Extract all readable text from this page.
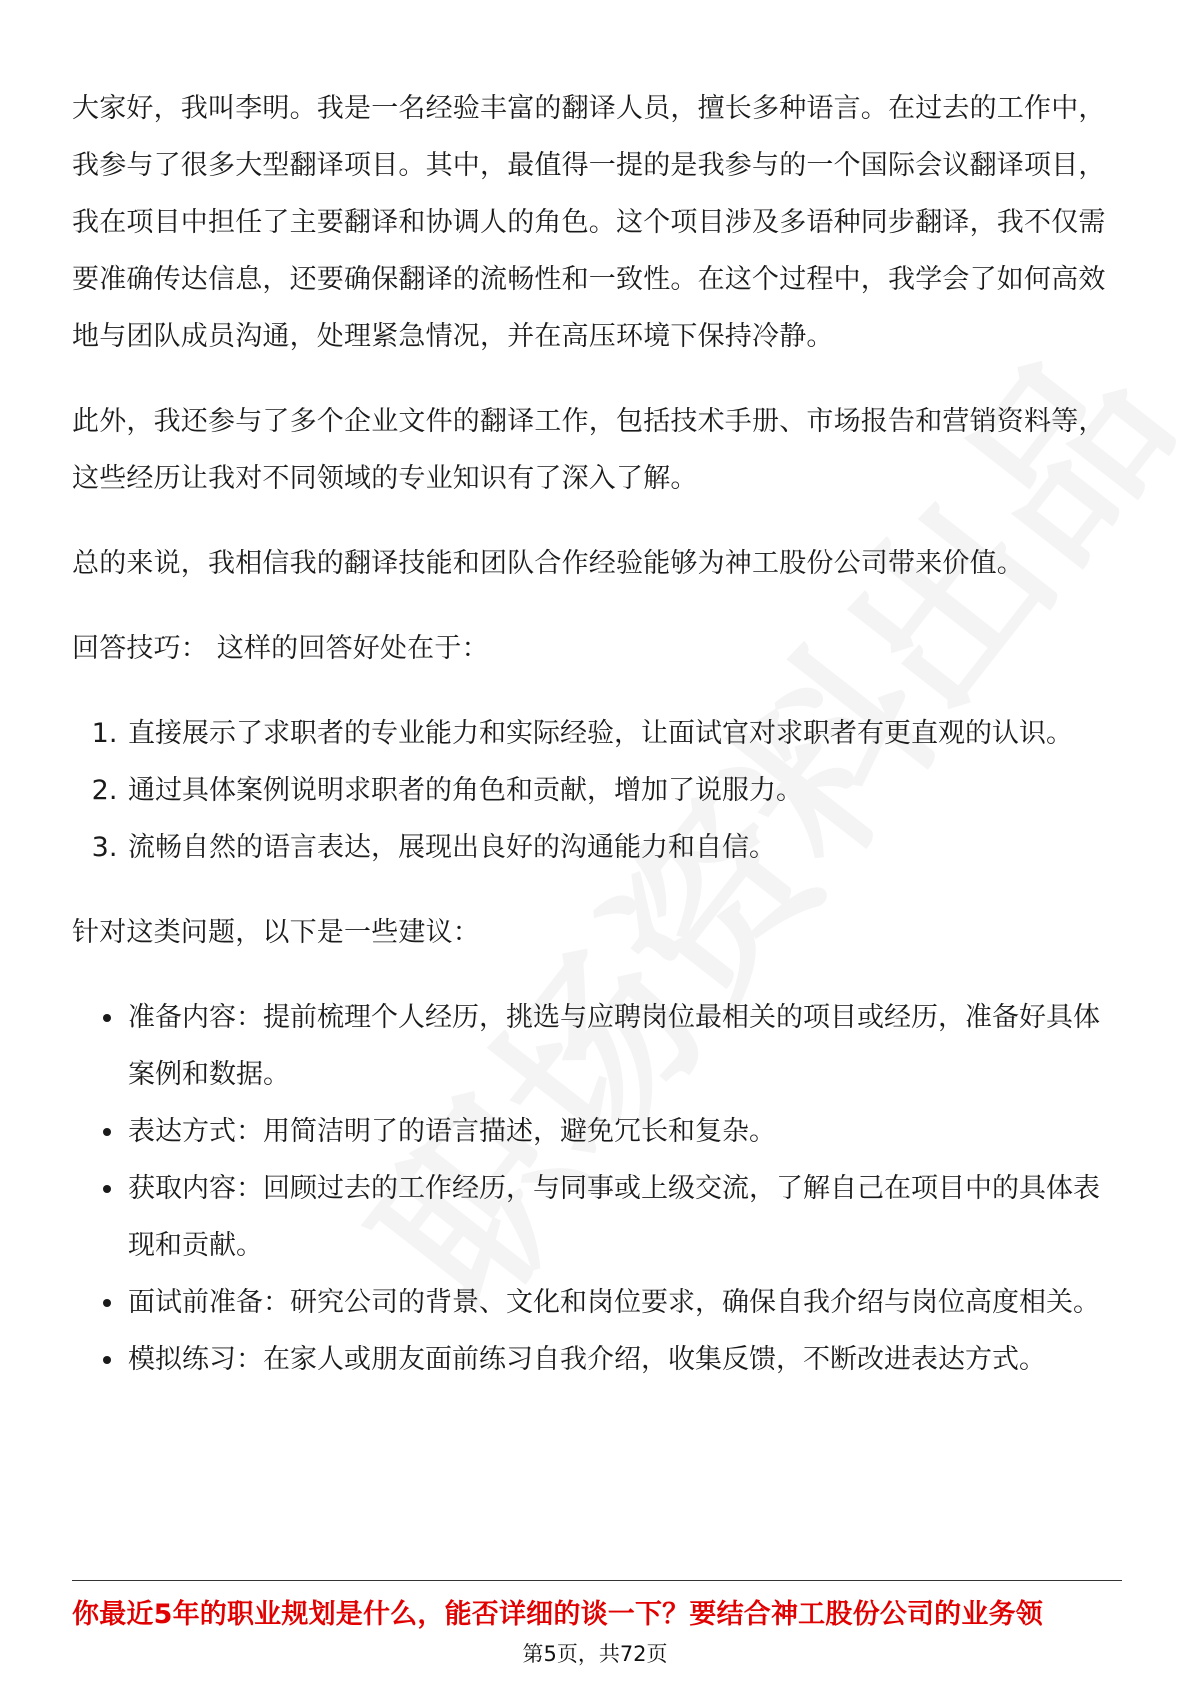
大家好，我叫李明。我是一名经验丰富的翻译人员，擅长多种语言。在过去的工作中，我参与了很多大型翻译项目。其中，最值得一提的是我参与的一个国际会议翻译项目，我在项目中担任了主要翻译和协调人的角色。这个项目涉及多语种同步翻译，我不仅需要准确传达信息，还要确保翻译的流畅性和一致性。在这个过程中，我学会了如何高效地与团队成员沟通，处理紧急情况，并在高压环境下保持冷静。

此外，我还参与了多个企业文件的翻译工作，包括技术手册、市场报告和营销资料等，这些经历让我对不同领域的专业知识有了深入了解。

总的来说，我相信我的翻译技能和团队合作经验能够为神工股份公司带来价值。

回答技巧： 这样的回答好处在于：

1. 直接展示了求职者的专业能力和实际经验，让面试官对求职者有更直观的认识。
2. 通过具体案例说明求职者的角色和贡献，增加了说服力。
3. 流畅自然的语言表达，展现出良好的沟通能力和自信。

针对这类问题，以下是一些建议：

• 准备内容：提前梳理个人经历，挑选与应聘岗位最相关的项目或经历，准备好具体案例和数据。
• 表达方式：用简洁明了的语言描述，避免冗长和复杂。
• 获取内容：回顾过去的工作经历，与同事或上级交流，了解自己在项目中的具体表现和贡献。
• 面试前准备：研究公司的背景、文化和岗位要求，确保自我介绍与岗位高度相关。
• 模拟练习：在家人或朋友面前练习自我介绍，收集反馈，不断改进表达方式。
你最近5年的职业规划是什么，能否详细的谈一下？要结合神工股份公司的业务领
第5页，共72页
